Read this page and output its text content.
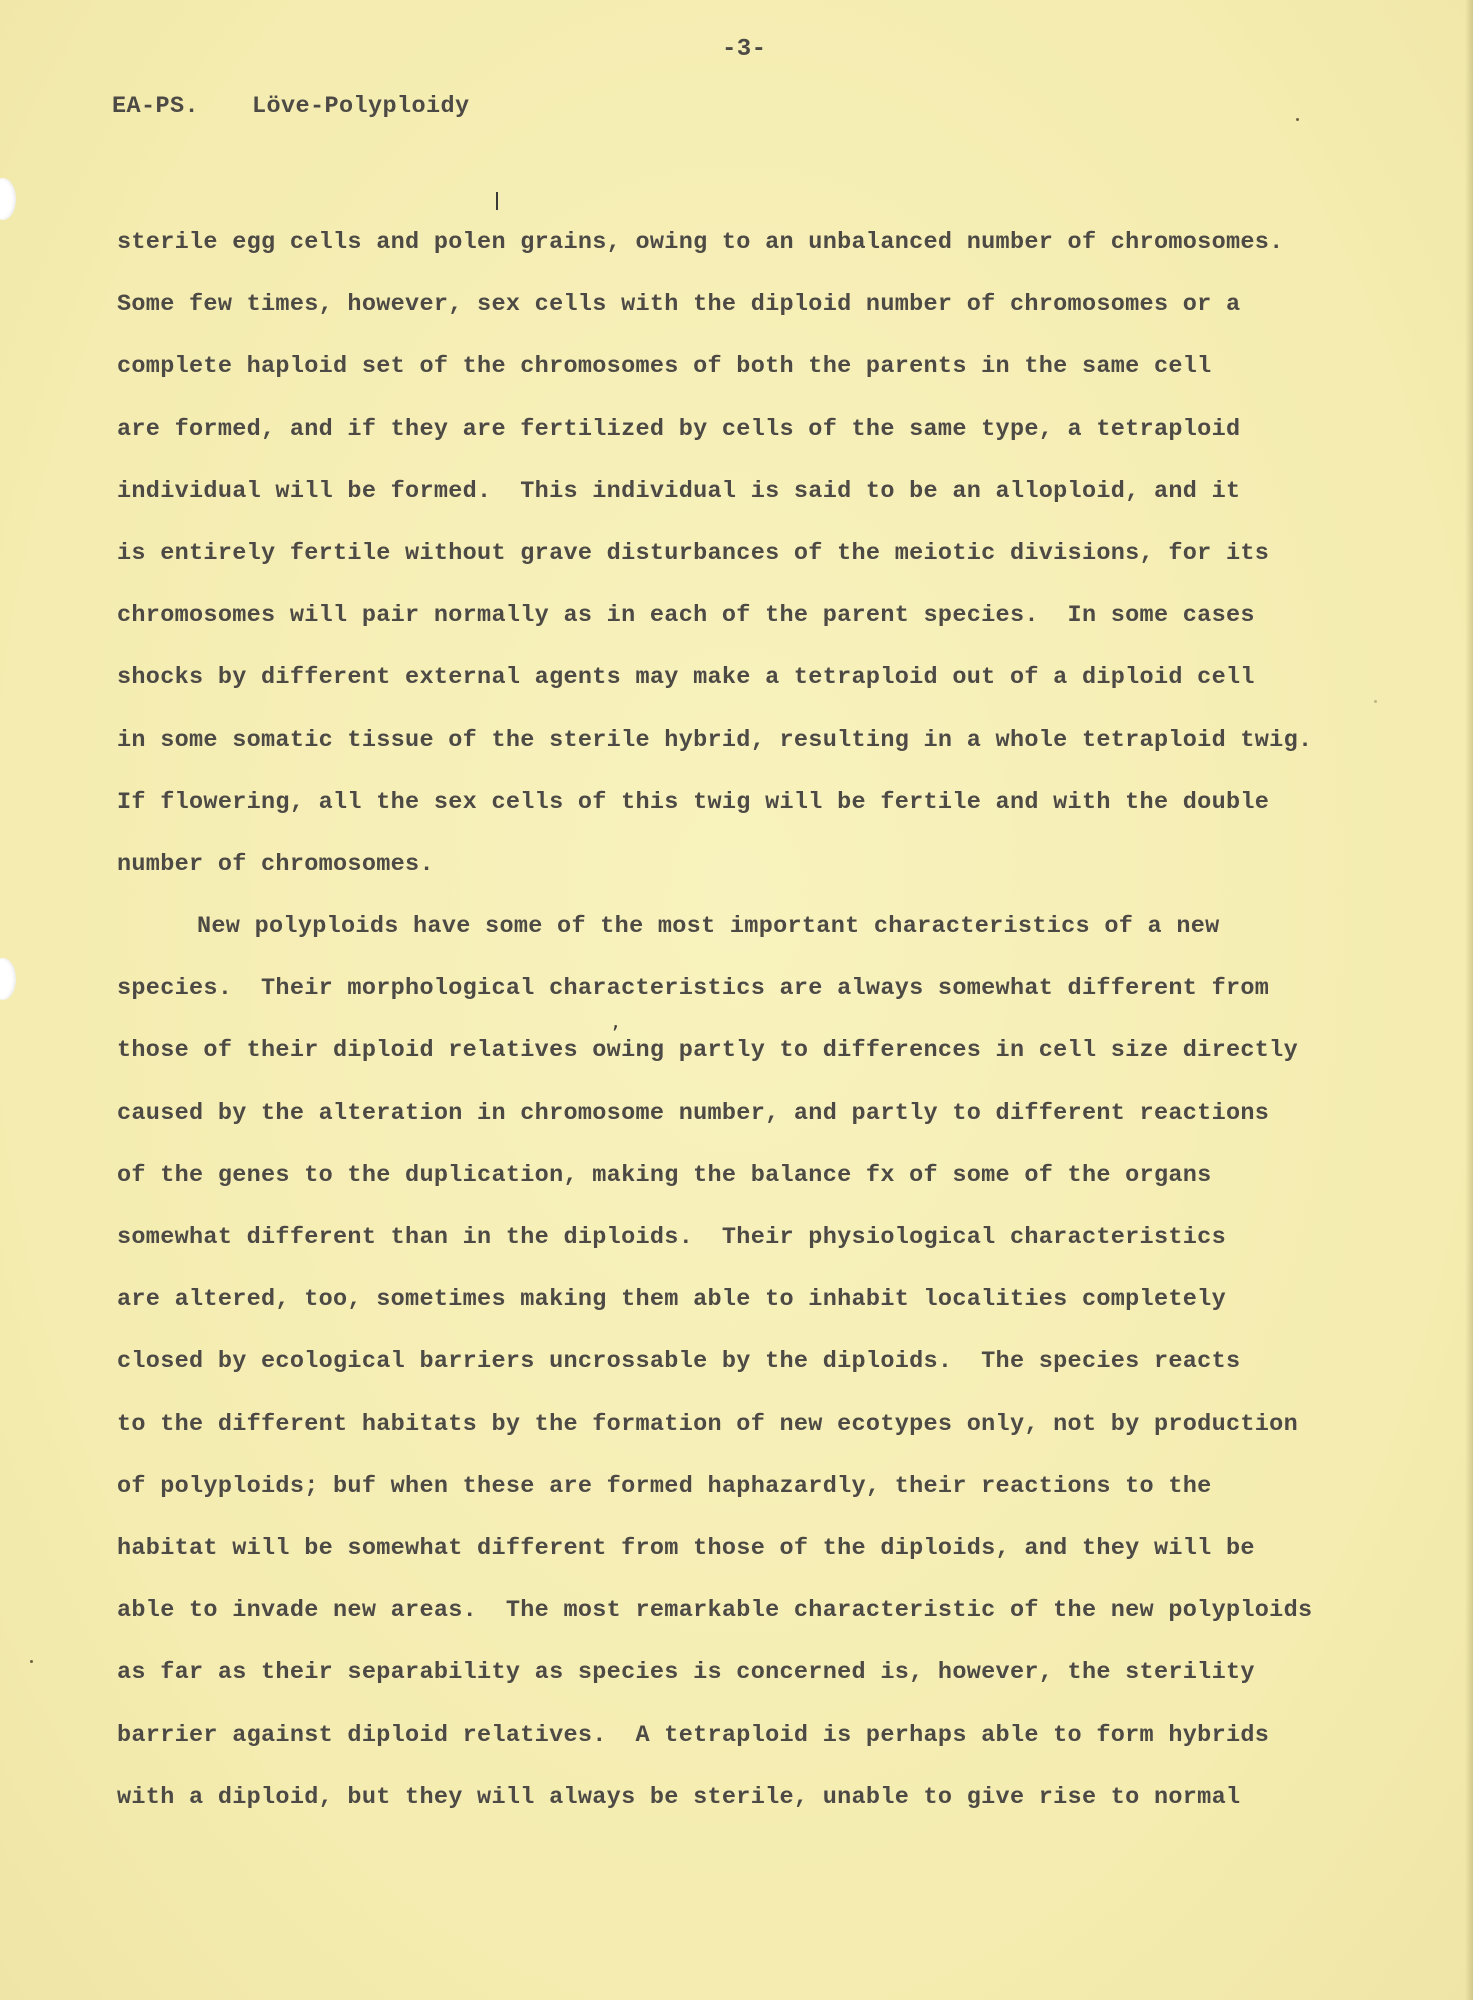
-3-
EA-PS. Löve-Polyploidy
,
sterile egg cells and polen grains, owing to an unbalanced number of chromosomes.
Some few times, however, sex cells with the diploid number of chromosomes or a
complete haploid set of the chromosomes of both the parents in the same cell
are formed, and if they are fertilized by cells of the same type, a tetraploid
individual will be formed.  This individual is said to be an alloploid, and it
is entirely fertile without grave disturbances of the meiotic divisions, for its
chromosomes will pair normally as in each of the parent species.  In some cases
shocks by different external agents may make a tetraploid out of a diploid cell
in some somatic tissue of the sterile hybrid, resulting in a whole tetraploid twig.
If flowering, all the sex cells of this twig will be fertile and with the double
number of chromosomes.
New polyploids have some of the most important characteristics of a new
species.  Their morphological characteristics are always somewhat different from
those of their diploid relatives owing partly to differences in cell size directly
caused by the alteration in chromosome number, and partly to different reactions
of the genes to the duplication, making the balance fx of some of the organs
somewhat different than in the diploids.  Their physiological characteristics
are altered, too, sometimes making them able to inhabit localities completely
closed by ecological barriers uncrossable by the diploids.  The species reacts
to the different habitats by the formation of new ecotypes only, not by production
of polyploids; buf when these are formed haphazardly, their reactions to the
habitat will be somewhat different from those of the diploids, and they will be
able to invade new areas.  The most remarkable characteristic of the new polyploids
as far as their separability as species is concerned is, however, the sterility
barrier against diploid relatives.  A tetraploid is perhaps able to form hybrids
with a diploid, but they will always be sterile, unable to give rise to normal
